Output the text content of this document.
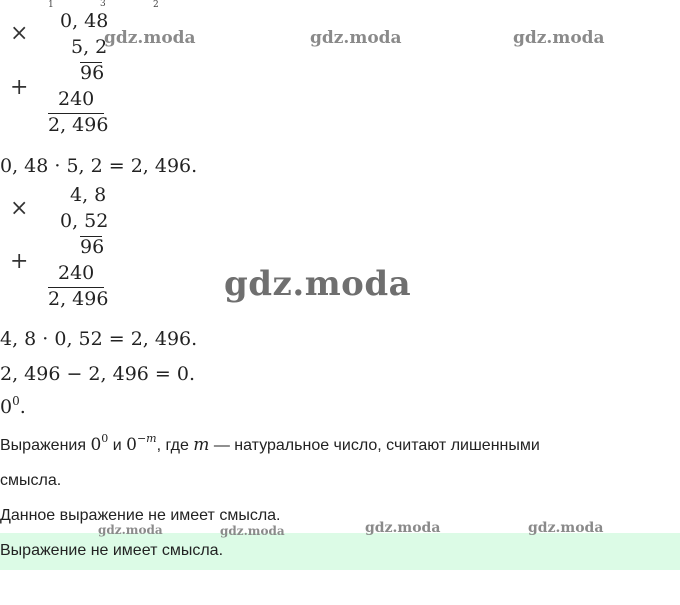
1	3	2
× 0, 48
5, 2
96
+ 240
2, 496
0, 48 · 5, 2 = 2, 496.
×
4, 8
0, 52
96
+ 240
2, 496
4, 8 · 0, 52 = 2, 496.
2, 496 − 2, 496 = 0.
$0^0$.
Выражения $0^0$ и $0^{-m}$, где m — натуральное число, считают лишенными
смысла.
Данное выражение не имеет смысла.
Выражение не имеет смысла.
gdz.moda	gdz.moda	gdz.moda
gdz.moda
gdz.moda	gdz.moda	gdz.moda	gdz.moda
